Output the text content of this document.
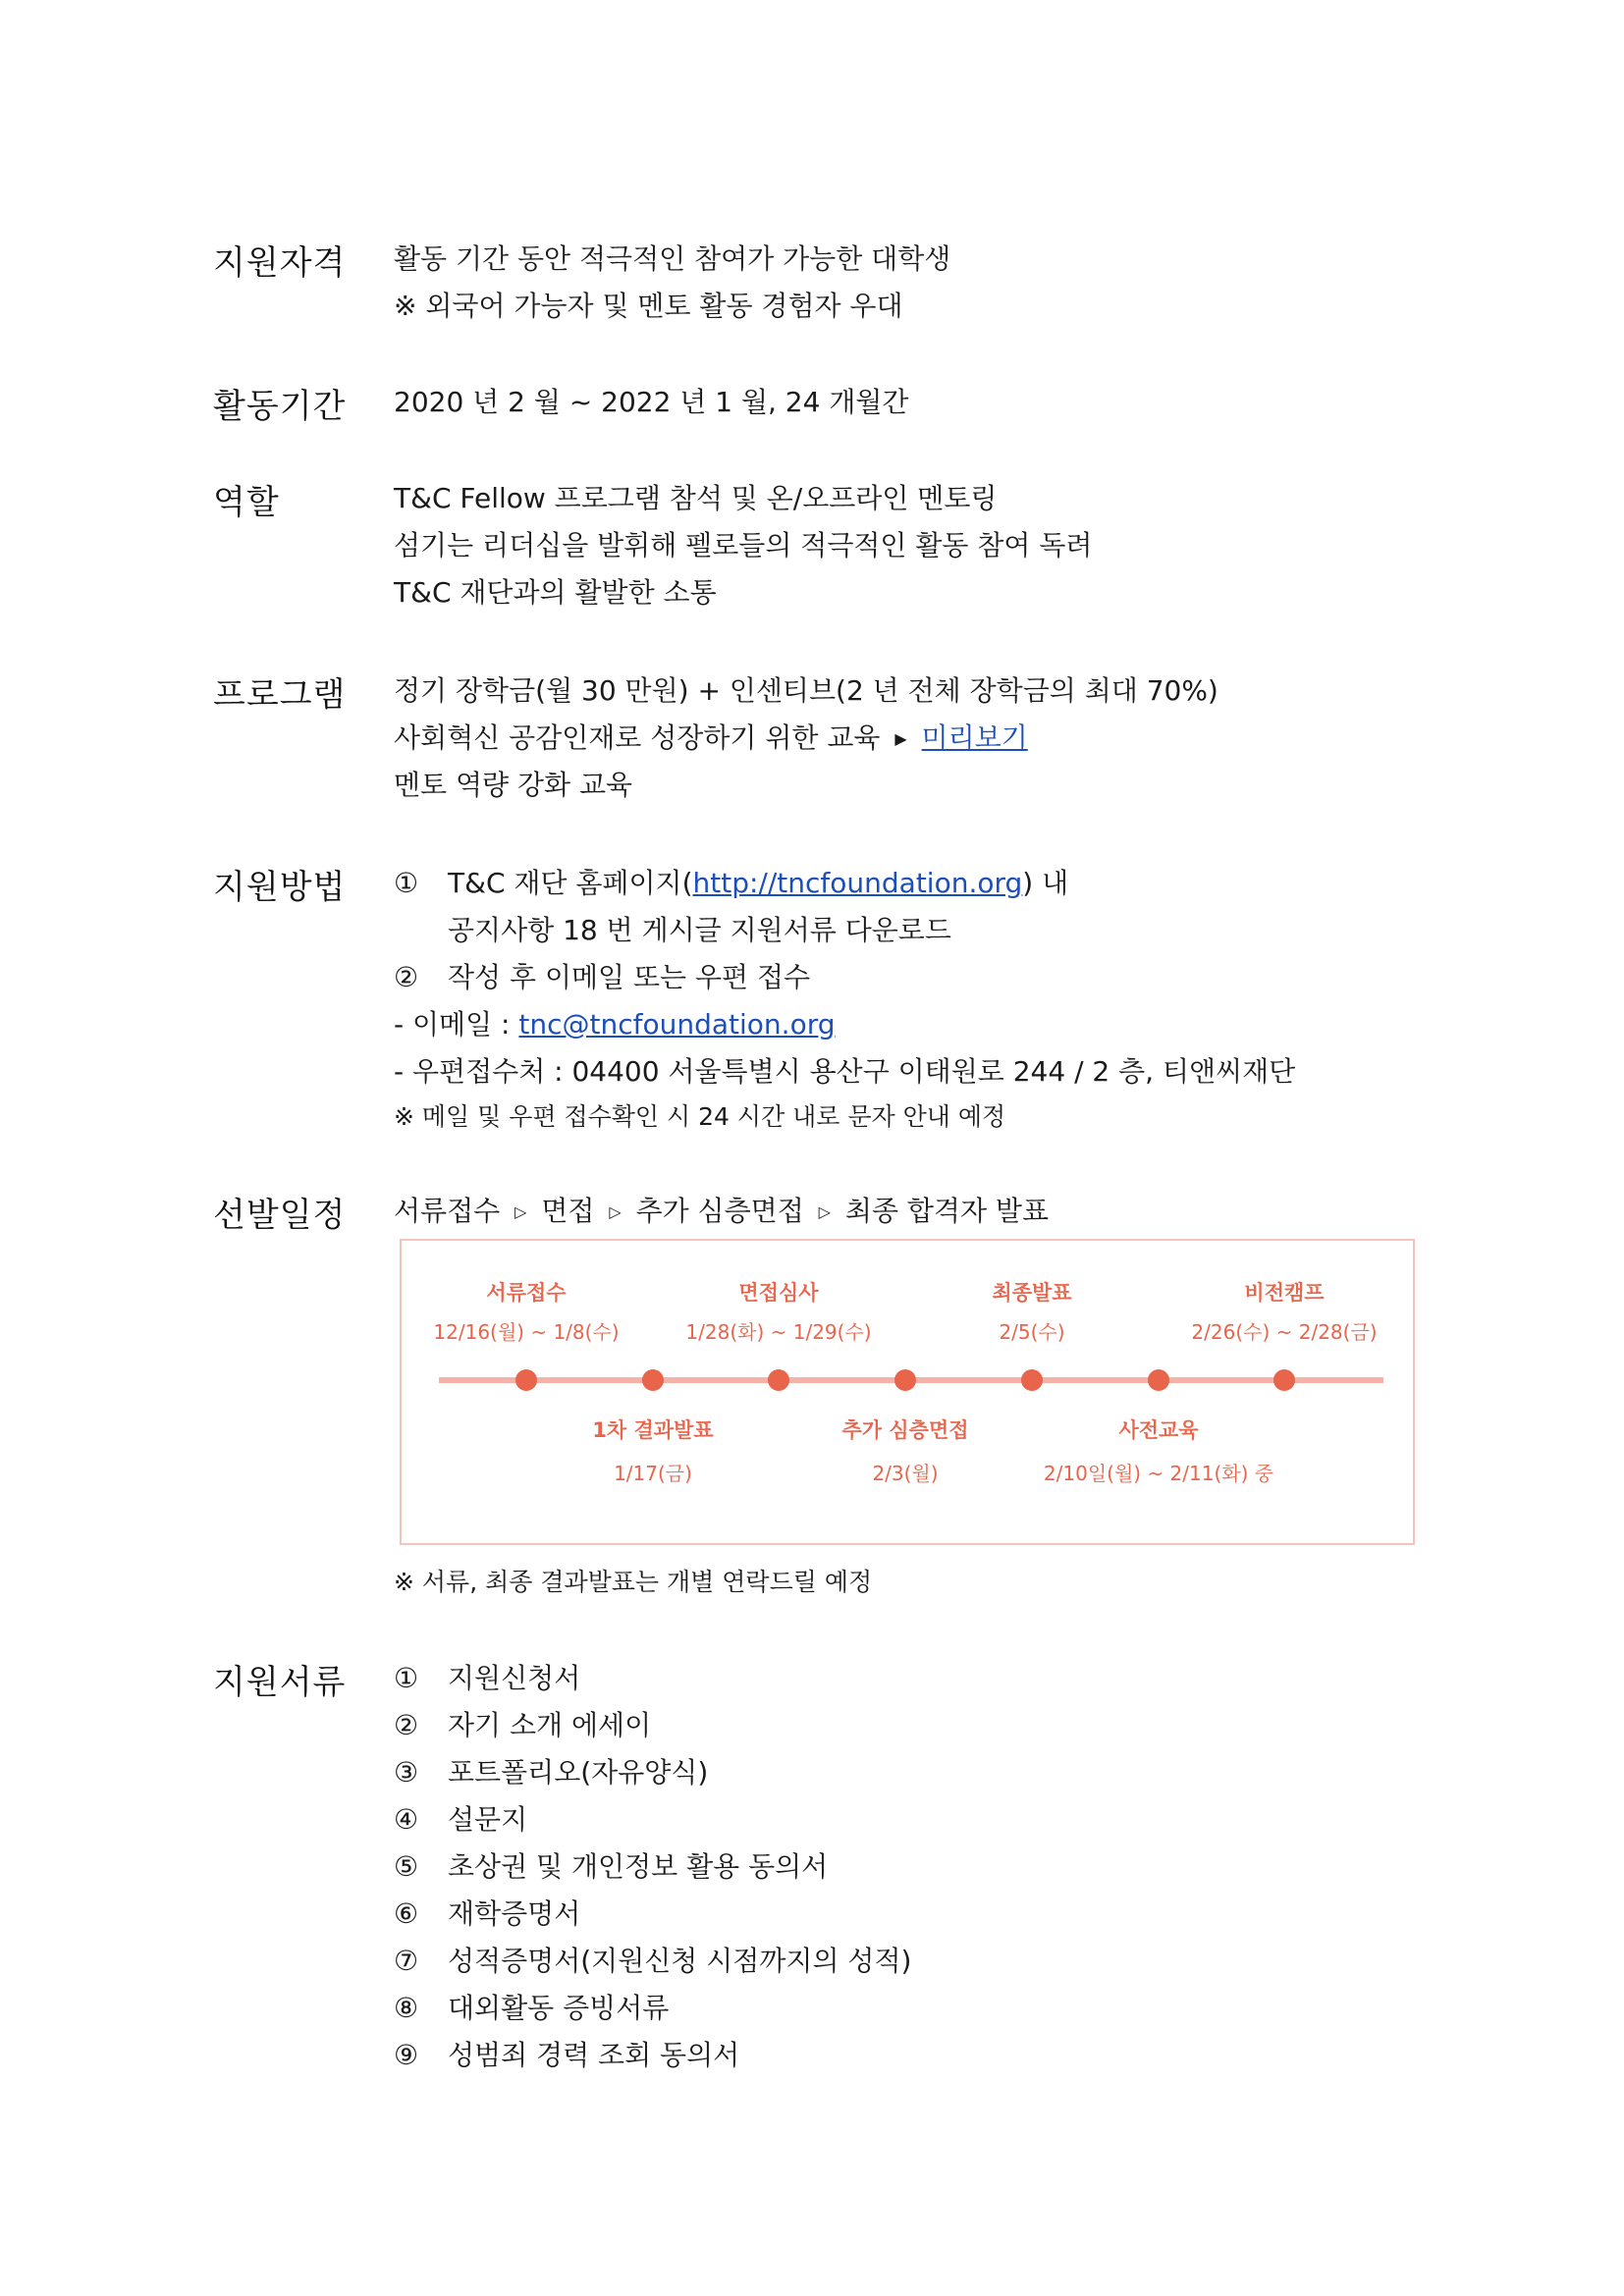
지원자격	활동 기간 동안 적극적인 참여가 가능한 대학생
※ 외국어 가능자 및 멘토 활동 경험자 우대
활동기간	2020 년 2 월 ~ 2022 년 1 월, 24 개월간
역할	T&C Fellow 프로그램 참석 및 온/오프라인 멘토링
섬기는 리더십을 발휘해 펠로들의 적극적인 활동 참여 독려
T&C 재단과의 활발한 소통
프로그램	정기 장학금(월 30 만원) + 인센티브(2 년 전체 장학금의 최대 70%)
사회혁신 공감인재로 성장하기 위한 교육 ▶ 미리보기
멘토 역량 강화 교육
지원방법	① T&C 재단 홈페이지(http://tncfoundation.org) 내
공지사항 18 번 게시글 지원서류 다운로드
② 작성 후 이메일 또는 우편 접수
- 이메일 : tnc@tncfoundation.org
- 우편접수처 : 04400 서울특별시 용산구 이태원로 244 / 2 층, 티앤씨재단
※ 메일 및 우편 접수확인 시 24 시간 내로 문자 안내 예정
선발일정	서류접수 ▷ 면접 ▷ 추가 심층면접 ▷ 최종 합격자 발표
서류접수
12/16(월) ~ 1/8(수)
면접심사
1/28(화) ~ 1/29(수)
최종발표
2/5(수)
비전캠프
2/26(수) ~ 2/28(금)
1차 결과발표
1/17(금)
추가 심층면접
2/3(월)
사전교육
2/10일(월) ~ 2/11(화) 중
※ 서류, 최종 결과발표는 개별 연락드릴 예정
지원서류	① 지원신청서
② 자기 소개 에세이
③ 포트폴리오(자유양식)
④ 설문지
⑤ 초상권 및 개인정보 활용 동의서
⑥ 재학증명서
⑦ 성적증명서(지원신청 시점까지의 성적)
⑧ 대외활동 증빙서류
⑨ 성범죄 경력 조회 동의서
